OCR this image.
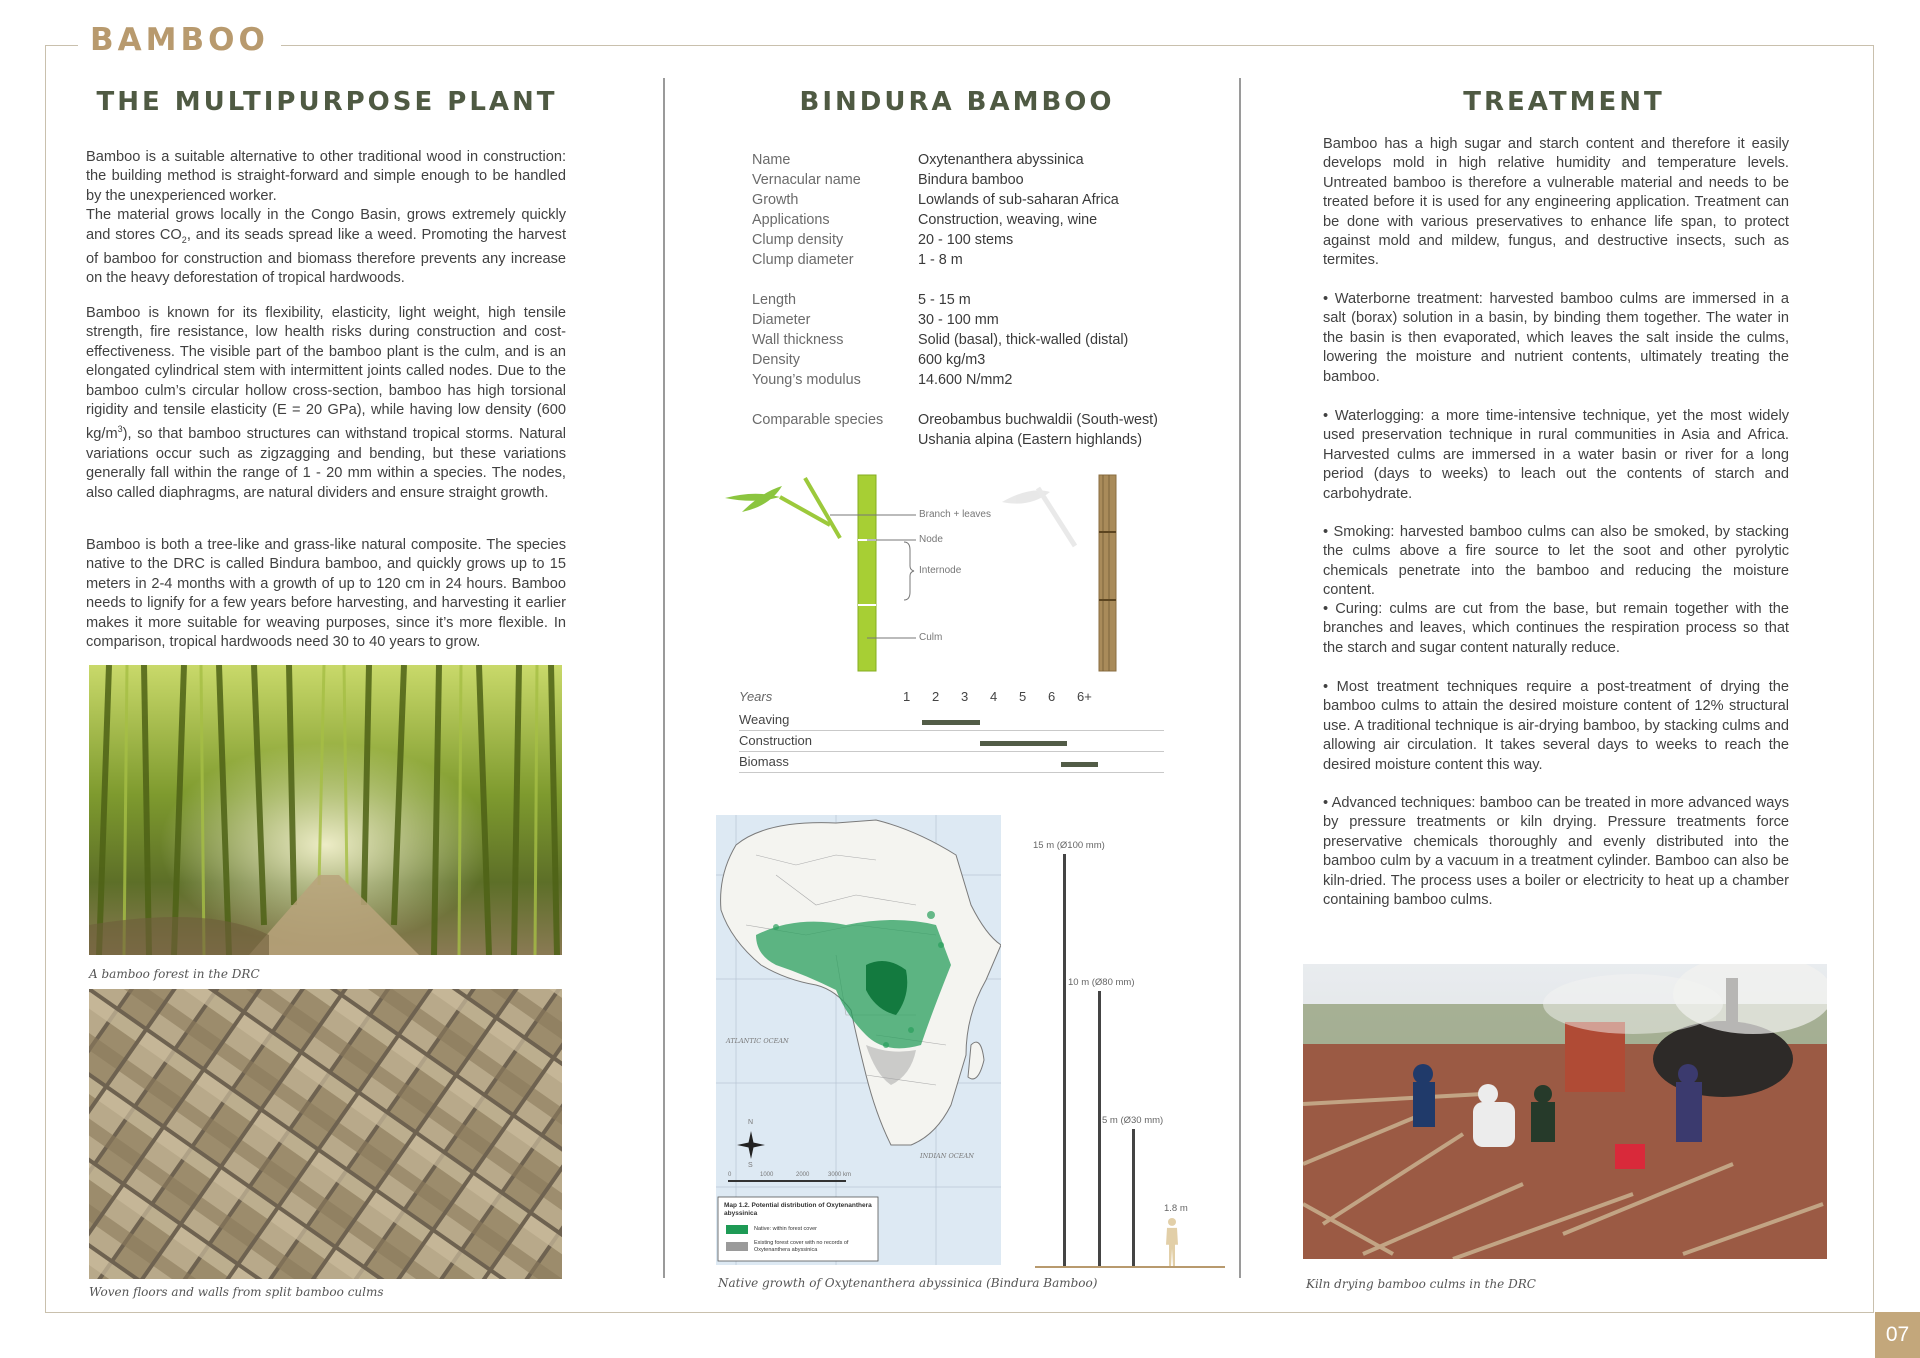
BAMBOO
THE MULTIPURPOSE PLANT

Bamboo is a suitable alternative to other traditional wood in construction: the building method is straight-forward and simple enough to be handled by the unexperienced worker.
The material grows locally in the Congo Basin, grows extremely quickly and stores $CO_2$, and its seads spread like a weed. Promoting the harvest of bamboo for construction and biomass therefore prevents any increase on the heavy deforestation of tropical hardwoods.

Bamboo is known for its flexibility, elasticity, light weight, high tensile strength, fire resistance, low health risks during construction and cost-effectiveness. The visible part of the bamboo plant is the culm, and is an elongated cylindrical stem with intermittent joints called nodes. Due to the bamboo culm’s circular hollow cross-section, bamboo has high torsional rigidity and tensile elasticity (E = 20 GPa), while having low density (600 $kg/m^3$), so that bamboo structures can withstand tropical storms. Natural variations occur such as zigzagging and bending, but these variations generally fall within the range of 1 - 20 mm within a species. The nodes, also called diaphragms, are natural dividers and ensure straight growth.

Bamboo is both a tree-like and grass-like natural composite. The species native to the DRC is called Bindura bamboo, and quickly grows up to 15 meters in 2-4 months with a growth of up to 120 cm in 24 hours. Bamboo needs to lignify for a few years before harvesting, and harvesting it earlier makes it more suitable for weaving purposes, since it’s more flexible. In comparison, tropical hardwoods need 30 to 40 years to grow.

A bamboo forest in the DRC
Woven floors and walls from split bamboo culms
BINDURA BAMBOO
Name	Oxytenanthera abyssinica
Vernacular name	Bindura bamboo
Growth	Lowlands of sub-saharan Africa
Applications	Construction, weaving, wine
Clump density	20 - 100 stems
Clump diameter	1 - 8 m
Length	5 - 15 m
Diameter	30 - 100 mm
Wall thickness	Solid (basal), thick-walled (distal)
Density	600 kg/m3
Young’s modulus	14.600 N/mm2
Comparable species	Oreobambus buchwaldii (South-west)
Ushania alpina (Eastern highlands)
Branch + leaves
Node
Internode
Culm
Years	1 2 3 4 5 6 6+
Weaving
Construction
Biomass
ATLANTIC OCEAN
INDIAN OCEAN
N
S
0	1000	2000	3000 km
Map 1.2. Potential distribution of Oxytenanthera abyssinica
Native: within forest cover
Existing forest cover with no records of Oxytenanthera abyssinica
15 m (Ø100 mm)
10 m (Ø80 mm)
5 m (Ø30 mm)
1.8 m
Native growth of Oxytenanthera abyssinica (Bindura Bamboo)
TREATMENT

Bamboo has a high sugar and starch content and therefore it easily develops mold in high relative humidity and temperature levels. Untreated bamboo is therefore a vulnerable material and needs to be treated before it is used for any engineering application. Treatment can be done with various preservatives to enhance life span, to protect against mold and mildew, fungus, and destructive insects, such as termites.

• Waterborne treatment: harvested bamboo culms are immersed in a salt (borax) solution in a basin, by binding them together. The water in the basin is then evaporated, which leaves the salt inside the culms, lowering the moisture and nutrient contents, ultimately treating the bamboo.

• Waterlogging: a more time-intensive technique, yet the most widely used preservation technique in rural communities in Asia and Africa. Harvested culms are immersed in a water basin or river for a long period (days to weeks) to leach out the contents of starch and carbohydrate.

• Smoking: harvested bamboo culms can also be smoked, by stacking the culms above a fire source to let the soot and other pyrolytic chemicals penetrate into the bamboo and reducing the moisture content.

• Curing: culms are cut from the base, but remain together with the branches and leaves, which continues the respiration process so that the starch and sugar content naturally reduce.

• Most treatment techniques require a post-treatment of drying the bamboo culms to attain the desired moisture content of 12% structural use. A traditional technique is air-drying bamboo, by stacking culms and allowing air circulation. It takes several days to weeks to reach the desired moisture content this way.

• Advanced techniques: bamboo can be treated in more advanced ways by pressure treatments or kiln drying. Pressure treatments force preservative chemicals thoroughly and evenly distributed into the bamboo culm by a vacuum in a treatment cylinder. Bamboo can also be kiln-dried. The process uses a boiler or electricity to heat up a chamber containing bamboo culms.

Kiln drying bamboo culms in the DRC
07
